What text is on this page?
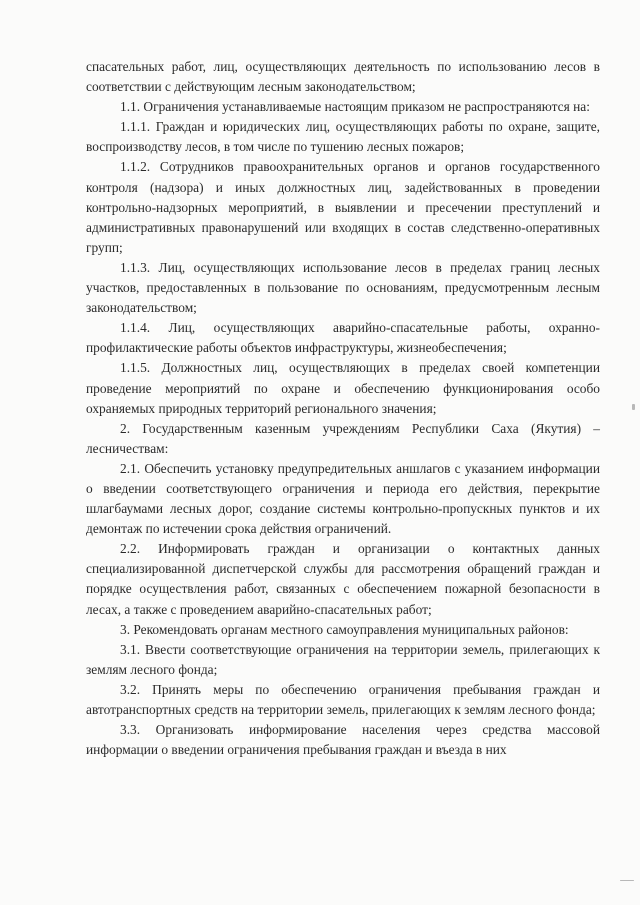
спасательных работ, лиц, осуществляющих деятельность по использованию лесов в соответствии с действующим лесным законодательством;

1.1. Ограничения устанавливаемые настоящим приказом не распространяются на:

1.1.1. Граждан и юридических лиц, осуществляющих работы по охране, защите, воспроизводству лесов, в том числе по тушению лесных пожаров;

1.1.2. Сотрудников правоохранительных органов и органов государственного контроля (надзора) и иных должностных лиц, задействованных в проведении контрольно-надзорных мероприятий, в выявлении и пресечении преступлений и административных правонарушений или входящих в состав следственно-оперативных групп;

1.1.3. Лиц, осуществляющих использование лесов в пределах границ лесных участков, предоставленных в пользование по основаниям, предусмотренным лесным законодательством;

1.1.4. Лиц, осуществляющих аварийно-спасательные работы, охранно-профилактические работы объектов инфраструктуры, жизнеобеспечения;

1.1.5. Должностных лиц, осуществляющих в пределах своей компетенции проведение мероприятий по охране и обеспечению функционирования особо охраняемых природных территорий регионального значения;

2. Государственным казенным учреждениям Республики Саха (Якутия) – лесничествам:

2.1. Обеспечить установку предупредительных аншлагов с указанием информации о введении соответствующего ограничения и периода его действия, перекрытие шлагбаумами лесных дорог, создание системы контрольно-пропускных пунктов и их демонтаж по истечении срока действия ограничений.

2.2. Информировать граждан и организации о контактных данных специализированной диспетчерской службы для рассмотрения обращений граждан и порядке осуществления работ, связанных с обеспечением пожарной безопасности в лесах, а также с проведением аварийно-спасательных работ;

3. Рекомендовать органам местного самоуправления муниципальных районов:

3.1. Ввести соответствующие ограничения на территории земель, прилегающих к землям лесного фонда;

3.2. Принять меры по обеспечению ограничения пребывания граждан и автотранспортных средств на территории земель, прилегающих к землям лесного фонда;

3.3. Организовать информирование населения через средства массовой информации о введении ограничения пребывания граждан и въезда в них
